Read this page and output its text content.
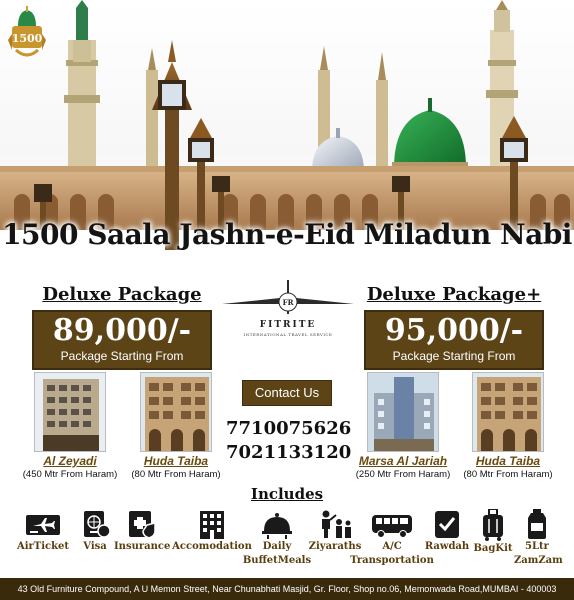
1500
1500 Saala Jashn-e-Eid Miladun Nabi
Deluxe Package
89,000/-
Package Starting From
FR
FITRITE
INTERNATIONAL TRAVEL SERVICE
Deluxe Package+
95,000/-
Package Starting From
Al Zeyadi
(450 Mtr From Haram)
Huda Taiba
(80 Mtr From Haram)
Contact Us
7710075626
7021133120 Marsa Al Jariah
(250 Mtr From Haram)
Huda Taiba
(80 Mtr From Haram)
Includes
AirTicket	Visa Insurance Accomodation	Daily
BuffetMeals
Ziyaraths	A/C
Transportation
Rawdah BagKit	5Ltr
ZamZam
43 Old Furniture Compound, A U Memon Street, Near Chunabhati Masjid, Gr. Floor, Shop no.06, Memonwada Road,MUMBAI - 400003
